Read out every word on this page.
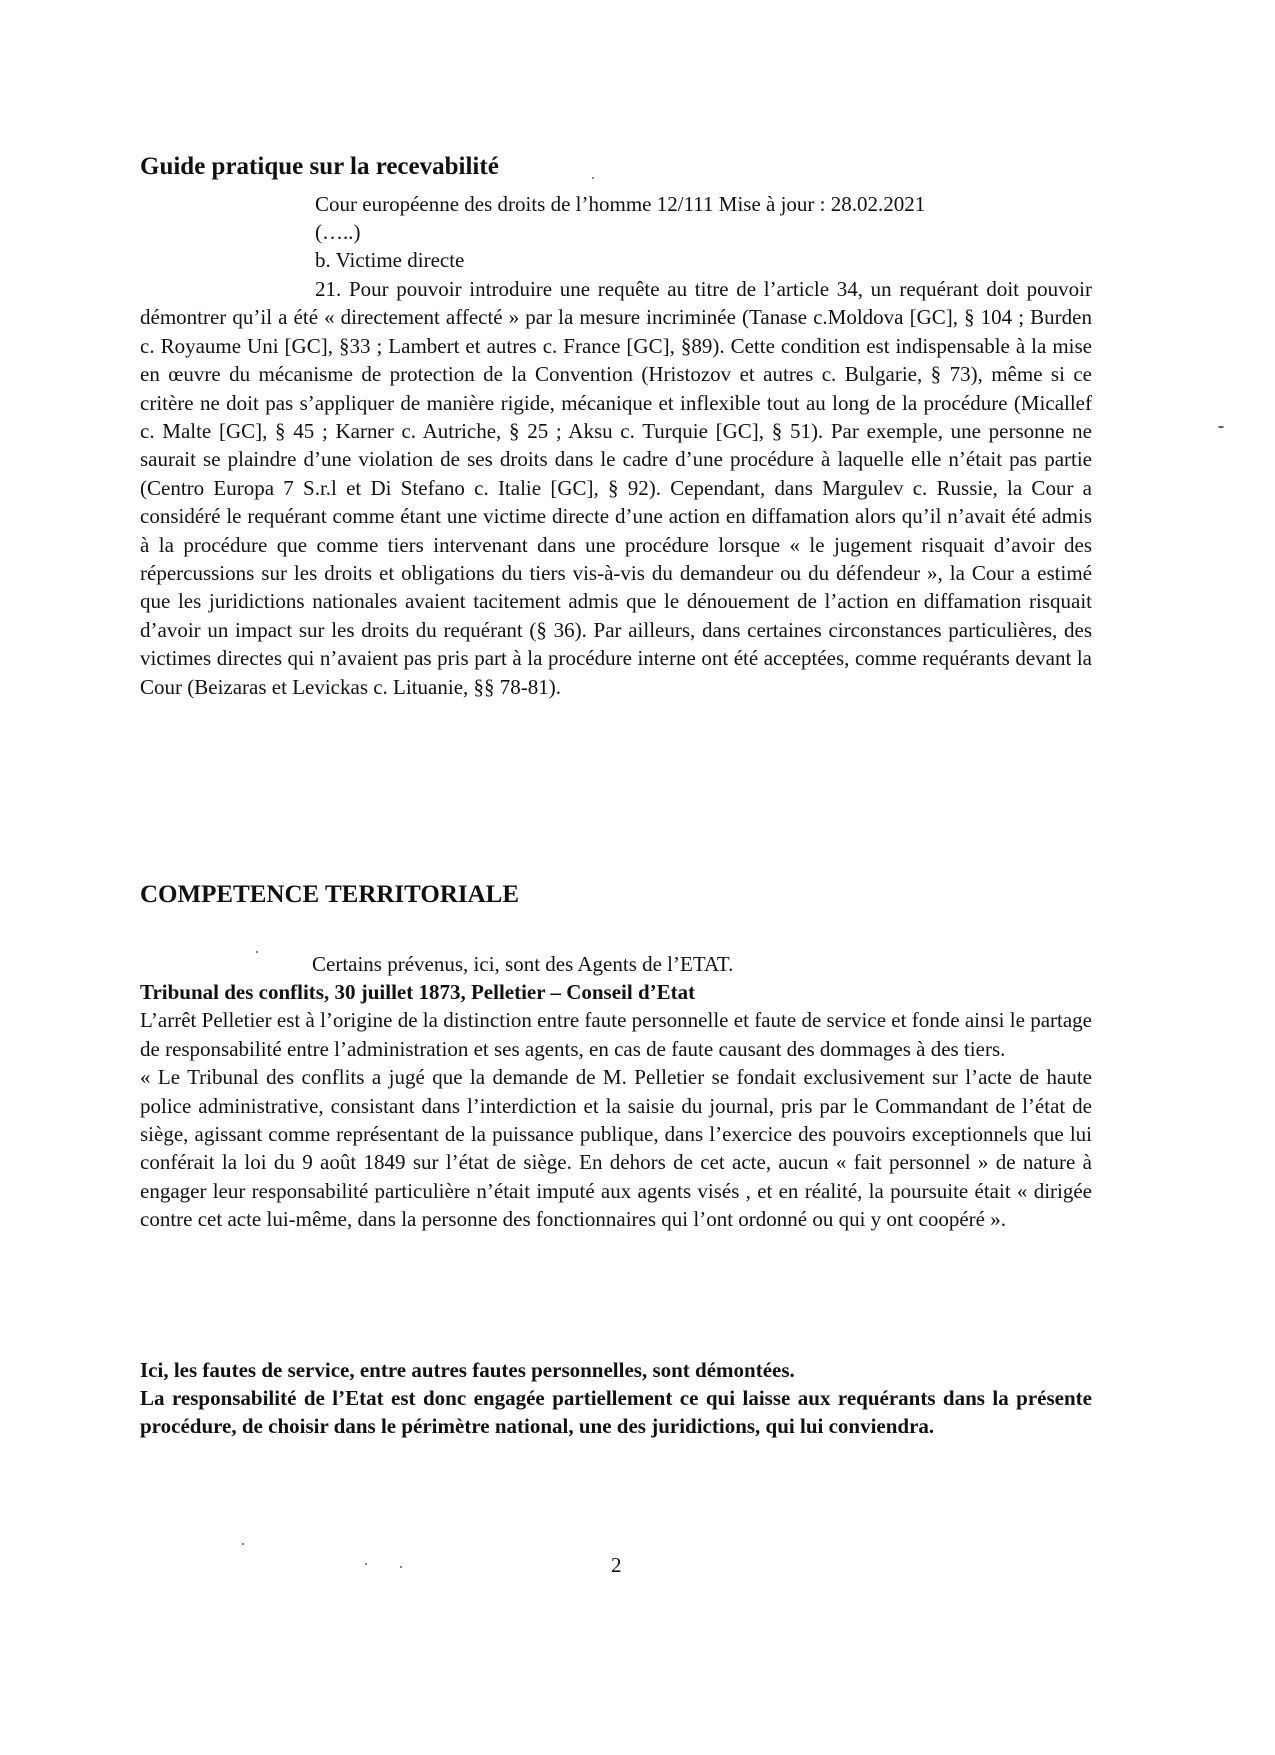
Guide pratique sur la recevabilité
Cour européenne des droits de l’homme 12/111 Mise à jour : 28.02.2021
(…..)
b. Victime directe

21. Pour pouvoir introduire une requête au titre de l’article 34, un requérant doit pouvoir démontrer qu’il a été « directement affecté » par la mesure incriminée (Tanase c.Moldova [GC], § 104 ; Burden c. Royaume Uni [GC], §33 ; Lambert et autres c. France [GC], §89). Cette condition est indispensable à la mise en œuvre du mécanisme de protection de la Convention (Hristozov et autres c. Bulgarie, § 73), même si ce critère ne doit pas s’appliquer de manière rigide, mécanique et inflexible tout au long de la procédure (Micallef c. Malte [GC], § 45 ; Karner c. Autriche, § 25 ; Aksu c. Turquie [GC], § 51). Par exemple, une personne ne saurait se plaindre d’une violation de ses droits dans le cadre d’une procédure à laquelle elle n’était pas partie (Centro Europa 7 S.r.l et Di Stefano c. Italie [GC], § 92). Cependant, dans Margulev c. Russie, la Cour a considéré le requérant comme étant une victime directe d’une action en diffamation alors qu’il n’avait été admis à la procédure que comme tiers intervenant dans une procédure lorsque « le jugement risquait d’avoir des répercussions sur les droits et obligations du tiers vis-à-vis du demandeur ou du défendeur », la Cour a estimé que les juridictions nationales avaient tacitement admis que le dénouement de l’action en diffamation risquait d’avoir un impact sur les droits du requérant (§ 36). Par ailleurs, dans certaines circonstances particulières, des victimes directes qui n’avaient pas pris part à la procédure interne ont été acceptées, comme requérants devant la Cour (Beizaras et Levickas c. Lituanie, §§ 78-81).

COMPETENCE TERRITORIALE
Certains prévenus, ici, sont des Agents de l’ETAT.

Tribunal des conflits, 30 juillet 1873, Pelletier – Conseil d’Etat
L’arrêt Pelletier est à l’origine de la distinction entre faute personnelle et faute de service et fonde ainsi le partage de responsabilité entre l’administration et ses agents, en cas de faute causant des dommages à des tiers.
« Le Tribunal des conflits a jugé que la demande de M. Pelletier se fondait exclusivement sur l’acte de haute police administrative, consistant dans l’interdiction et la saisie du journal, pris par le Commandant de l’état de siège, agissant comme représentant de la puissance publique, dans l’exercice des pouvoirs exceptionnels que lui conférait la loi du 9 août 1849 sur l’état de siège. En dehors de cet acte, aucun « fait personnel » de nature à engager leur responsabilité particulière n’était imputé aux agents visés , et en réalité, la poursuite était « dirigée contre cet acte lui-même, dans la personne des fonctionnaires qui l’ont ordonné ou qui y ont coopéré ».

Ici, les fautes de service, entre autres fautes personnelles, sont démontées.
La responsabilité de l’Etat est donc engagée partiellement ce qui laisse aux requérants dans la présente procédure, de choisir dans le périmètre national, une des juridictions, qui lui conviendra.

2
